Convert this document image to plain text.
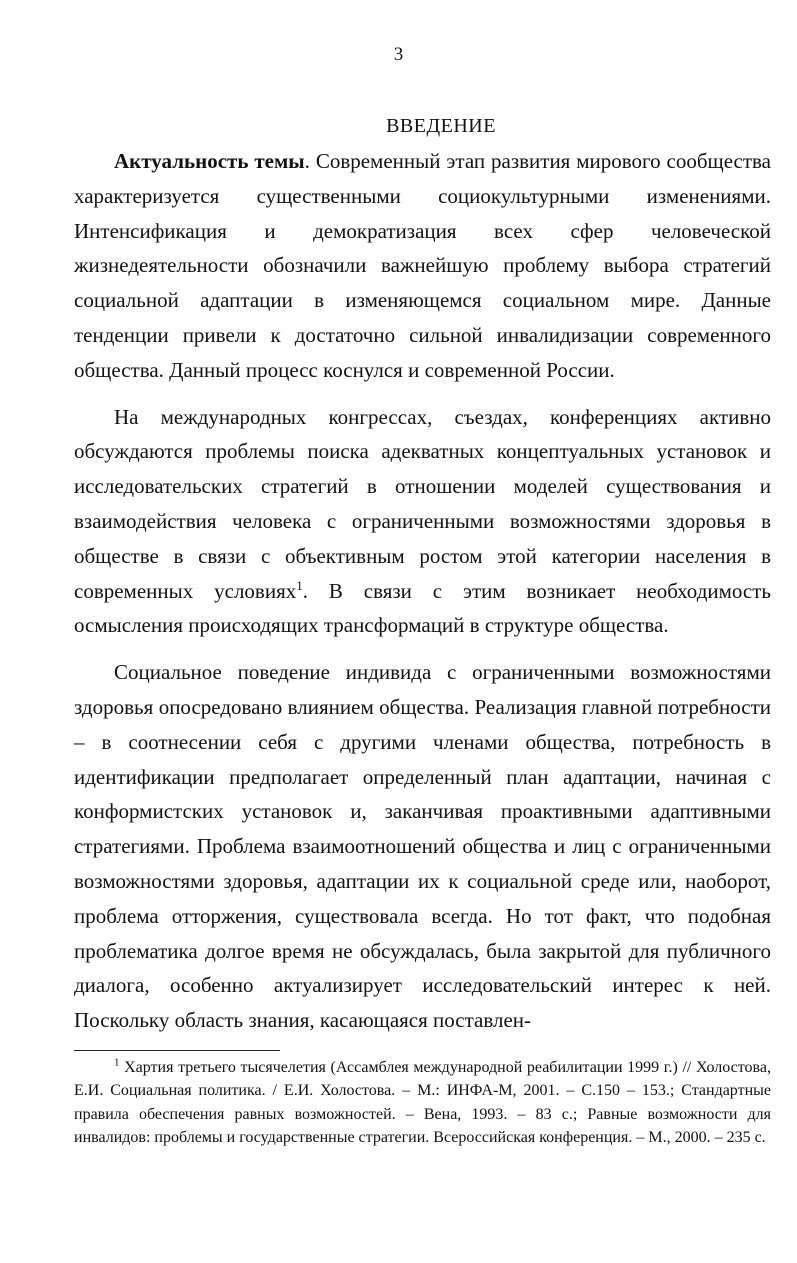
3
ВВЕДЕНИЕ

Актуальность темы. Современный этап развития мирового сообщества характеризуется существенными социокультурными изменениями. Интенсификация и демократизация всех сфер человеческой жизнедеятельности обозначили важнейшую проблему выбора стратегий социальной адаптации в изменяющемся социальном мире. Данные тенденции привели к достаточно сильной инвалидизации современного общества. Данный процесс коснулся и современной России.

На международных конгрессах, съездах, конференциях активно обсуждаются проблемы поиска адекватных концептуальных установок и исследовательских стратегий в отношении моделей существования и взаимодействия человека с ограниченными возможностями здоровья в обществе в связи с объективным ростом этой категории населения в современных условиях$^1$. В связи с этим возникает необходимость осмысления происходящих трансформаций в структуре общества.

Социальное поведение индивида с ограниченными возможностями здоровья опосредовано влиянием общества. Реализация главной потребности – в соотнесении себя с другими членами общества, потребность в идентификации предполагает определенный план адаптации, начиная с конформистских установок и, заканчивая проактивными адаптивными стратегиями. Проблема взаимоотношений общества и лиц с ограниченными возможностями здоровья, адаптации их к социальной среде или, наоборот, проблема отторжения, существовала всегда. Но тот факт, что подобная проблематика долгое время не обсуждалась, была закрытой для публичного диалога, особенно актуализирует исследовательский интерес к ней. Поскольку область знания, касающаяся поставлен-

$^1$ Хартия третьего тысячелетия (Ассамблея международной реабилитации 1999 г.) // Холостова, Е.И. Социальная политика. / Е.И. Холостова. – М.: ИНФА-М, 2001. – С.150 – 153.; Стандартные правила обеспечения равных возможностей. – Вена, 1993. – 83 с.; Равные возможности для инвалидов: проблемы и государственные стратегии. Всероссийская конференция. – М., 2000. – 235 с.
